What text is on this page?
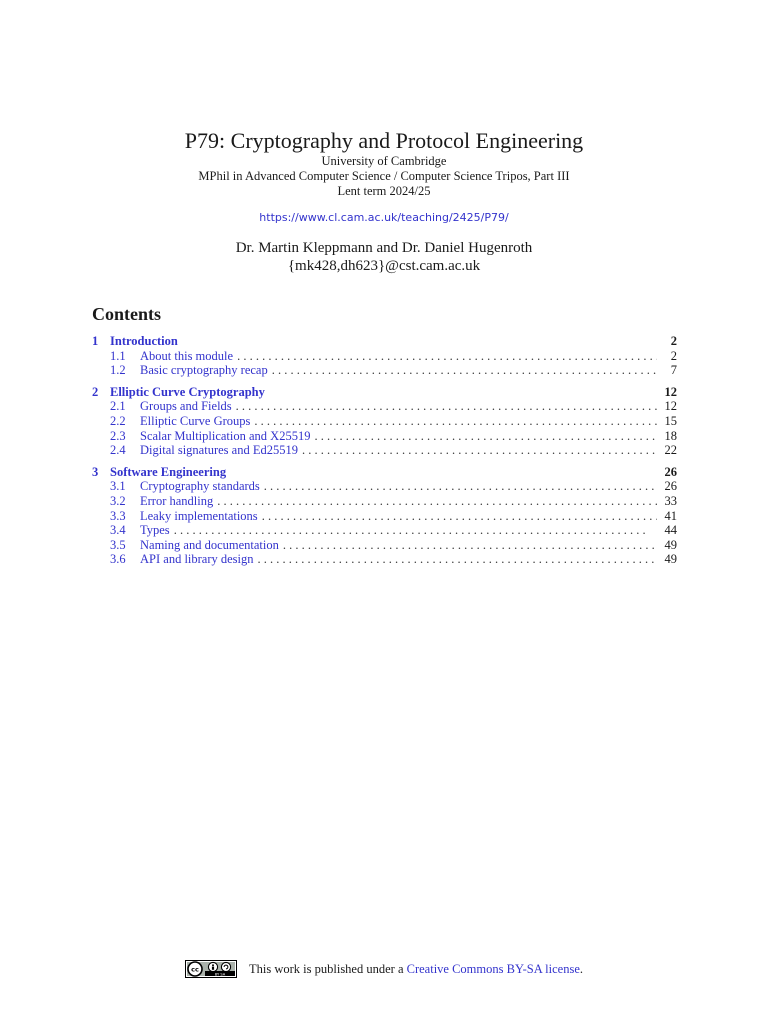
P79: Cryptography and Protocol Engineering
University of Cambridge
MPhil in Advanced Computer Science / Computer Science Tripos, Part III
Lent term 2024/25
https://www.cl.cam.ac.uk/teaching/2425/P79/
Dr. Martin Kleppmann and Dr. Daniel Hugenroth
{mk428,dh623}@cst.cam.ac.uk
Contents
1 Introduction	2
1.1	About this module . . .	2
1.2	Basic cryptography recap . . .	7
2 Elliptic Curve Cryptography	12
2.1	Groups and Fields . . .	12
2.2	Elliptic Curve Groups . . .	15
2.3	Scalar Multiplication and X25519 . . .	18
2.4	Digital signatures and Ed25519 . . .	22
3 Software Engineering	26
3.1	Cryptography standards . . .	26
3.2	Error handling . . .	33
3.3	Leaky implementations . . .	41
3.4	Types . . .	44
3.5	Naming and documentation . . .	49
3.6	API and library design . . .	49
cc
BY SA This work is published under a
Creative Commons BY-SA license .
